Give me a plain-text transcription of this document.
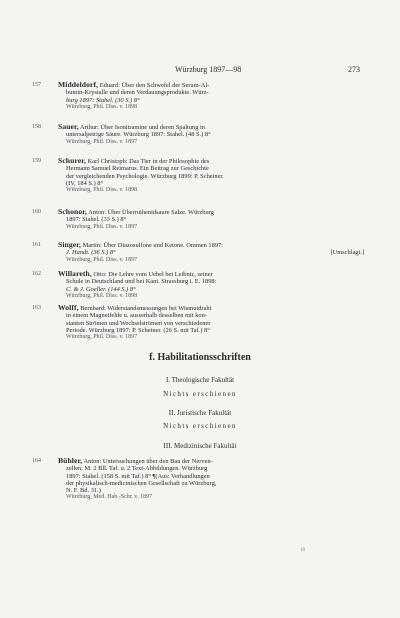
Würzburg 1897—98	273
157	Middeldorf, Eduard: Über den Schwefel der Serum-Al-
bumin-Krystalle und deren Verdauungsprodukte. Würz-
burg 1897: Stahel. (30 S.) 8°
Würzburg, Phil. Diss. v. 1898
158	Sauer, Arthur: Über Isonitramine und deren Spaltung in
untersalpetrige Säure. Würzburg 1897: Stahel. (48 S.) 8°
Würzburg, Phil. Diss. v. 1897
159	Schurer, Karl Christoph: Das Tier in der Philosophie des
Hermann Samuel Reimarus. Ein Beitrag zur Geschichte
der vergleichenden Psychologie. Würzburg 1899: P. Scheiner.
(IV, 184 S.) 8°
Würzburg, Phil. Diss. v. 1898
160	Schonor, Anton: Über Überruthenidsaure Salze. Würzburg
1897: Stahel. (33 S.) 8°
Würzburg, Phil. Diss. v. 1897
161	Singer, Martin: Über Diazosulfone und Ketone. Ommen 1897:
J. Handt. (36 S.) 8°	[Umschlagt.]
Würzburg, Phil. Diss. v. 1897
162	Willareth, Otto: Die Lehre vom Uebel bei Leibniz, seiner
Schule in Deutschland und bei Kant. Strassburg i. E. 1898:
C. & J. Goeller. (144 S.) 8°
Würzburg, Phil. Diss. v. 1898
163	Wolff, Bernhard: Widerstandsmessungen bei Wismutdraht
in einem Magnetfelde u. ausserhalb desselben mit kon-
stanten Strömen und Wechselströmen von verschiedener
Periode. Würzburg 1897: P. Scheiner. (26 S. mit Taf.) 8°
Würzburg, Phil. Diss. v. 1897
f. Habilitationsschriften
I. Theologische Fakultät
Nichts erschienen
II. Juristische Fakultät
Nichts erschienen
III. Medizinische Fakultät
164	Bühler, Anton: Untersuchungen über den Bau der Nerven-
zellen. M. 2 Bll. Taf. u. 2 Text-Abbildungen. Würzburg
1897: Stahel. (158 S. mit Taf.) 8° ¶(Aus: Verhandlungen
der physikalisch-medicinischen Gesellschaft zu Würzburg,
N. F. Bd. 31.)
Würzburg, Med. Hab.-Schr. v. 1897
18
